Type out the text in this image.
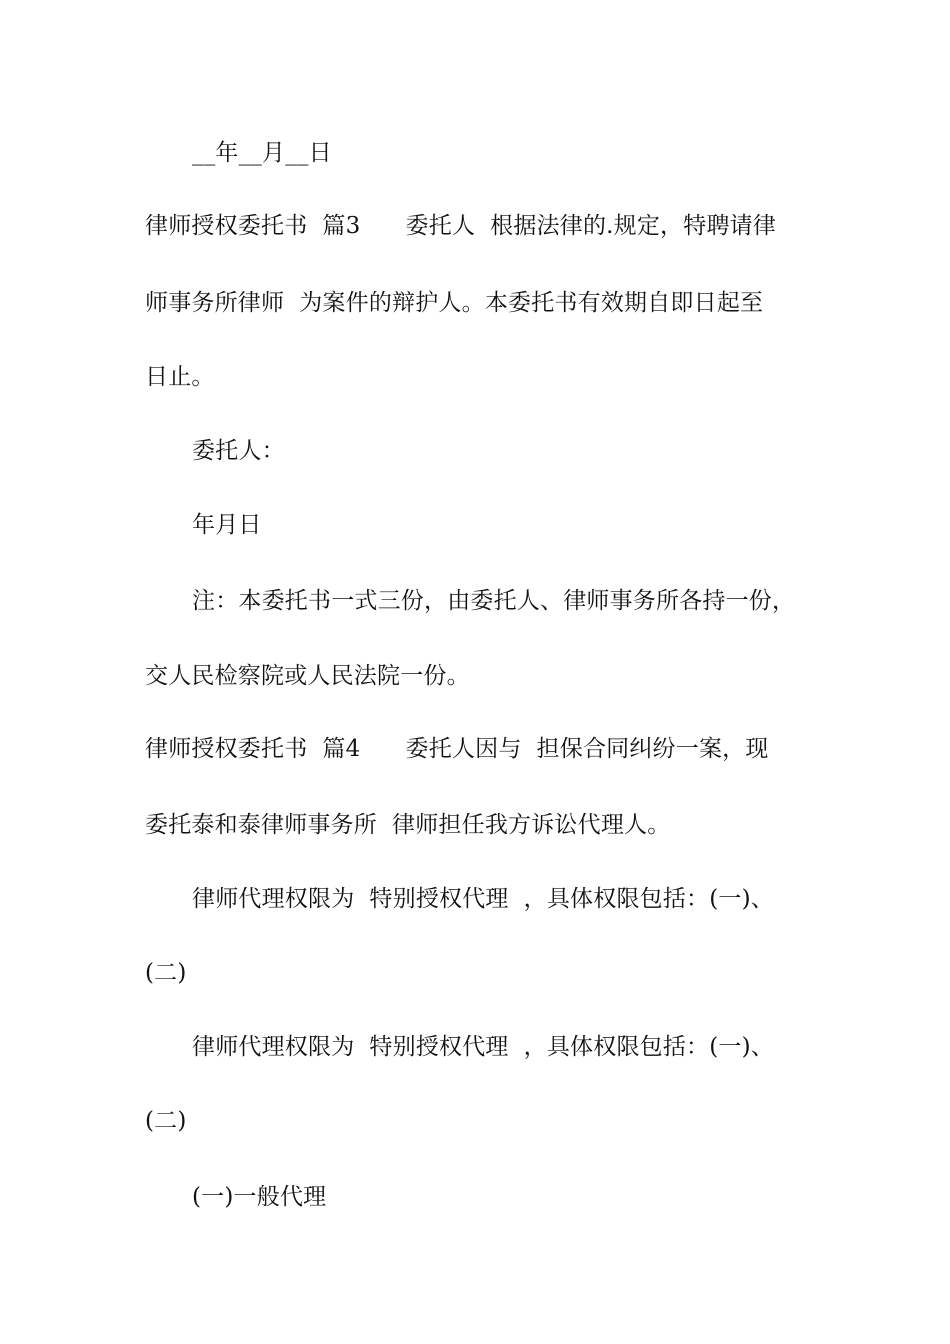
__年__月__日
律师授权委托书  篇3      委托人  根据法律的.规定，特聘请律
师事务所律师  为案件的辩护人。本委托书有效期自即日起至
日止。
委托人：
年月日
注：本委托书一式三份，由委托人、律师事务所各持一份，
交人民检察院或人民法院一份。
律师授权委托书  篇4      委托人因与  担保合同纠纷一案，现
委托泰和泰律师事务所  律师担任我方诉讼代理人。
律师代理权限为  特别授权代理  ，具体权限包括：(一)、
(二)
律师代理权限为  特别授权代理  ，具体权限包括：(一)、
(二)
(一)一般代理
